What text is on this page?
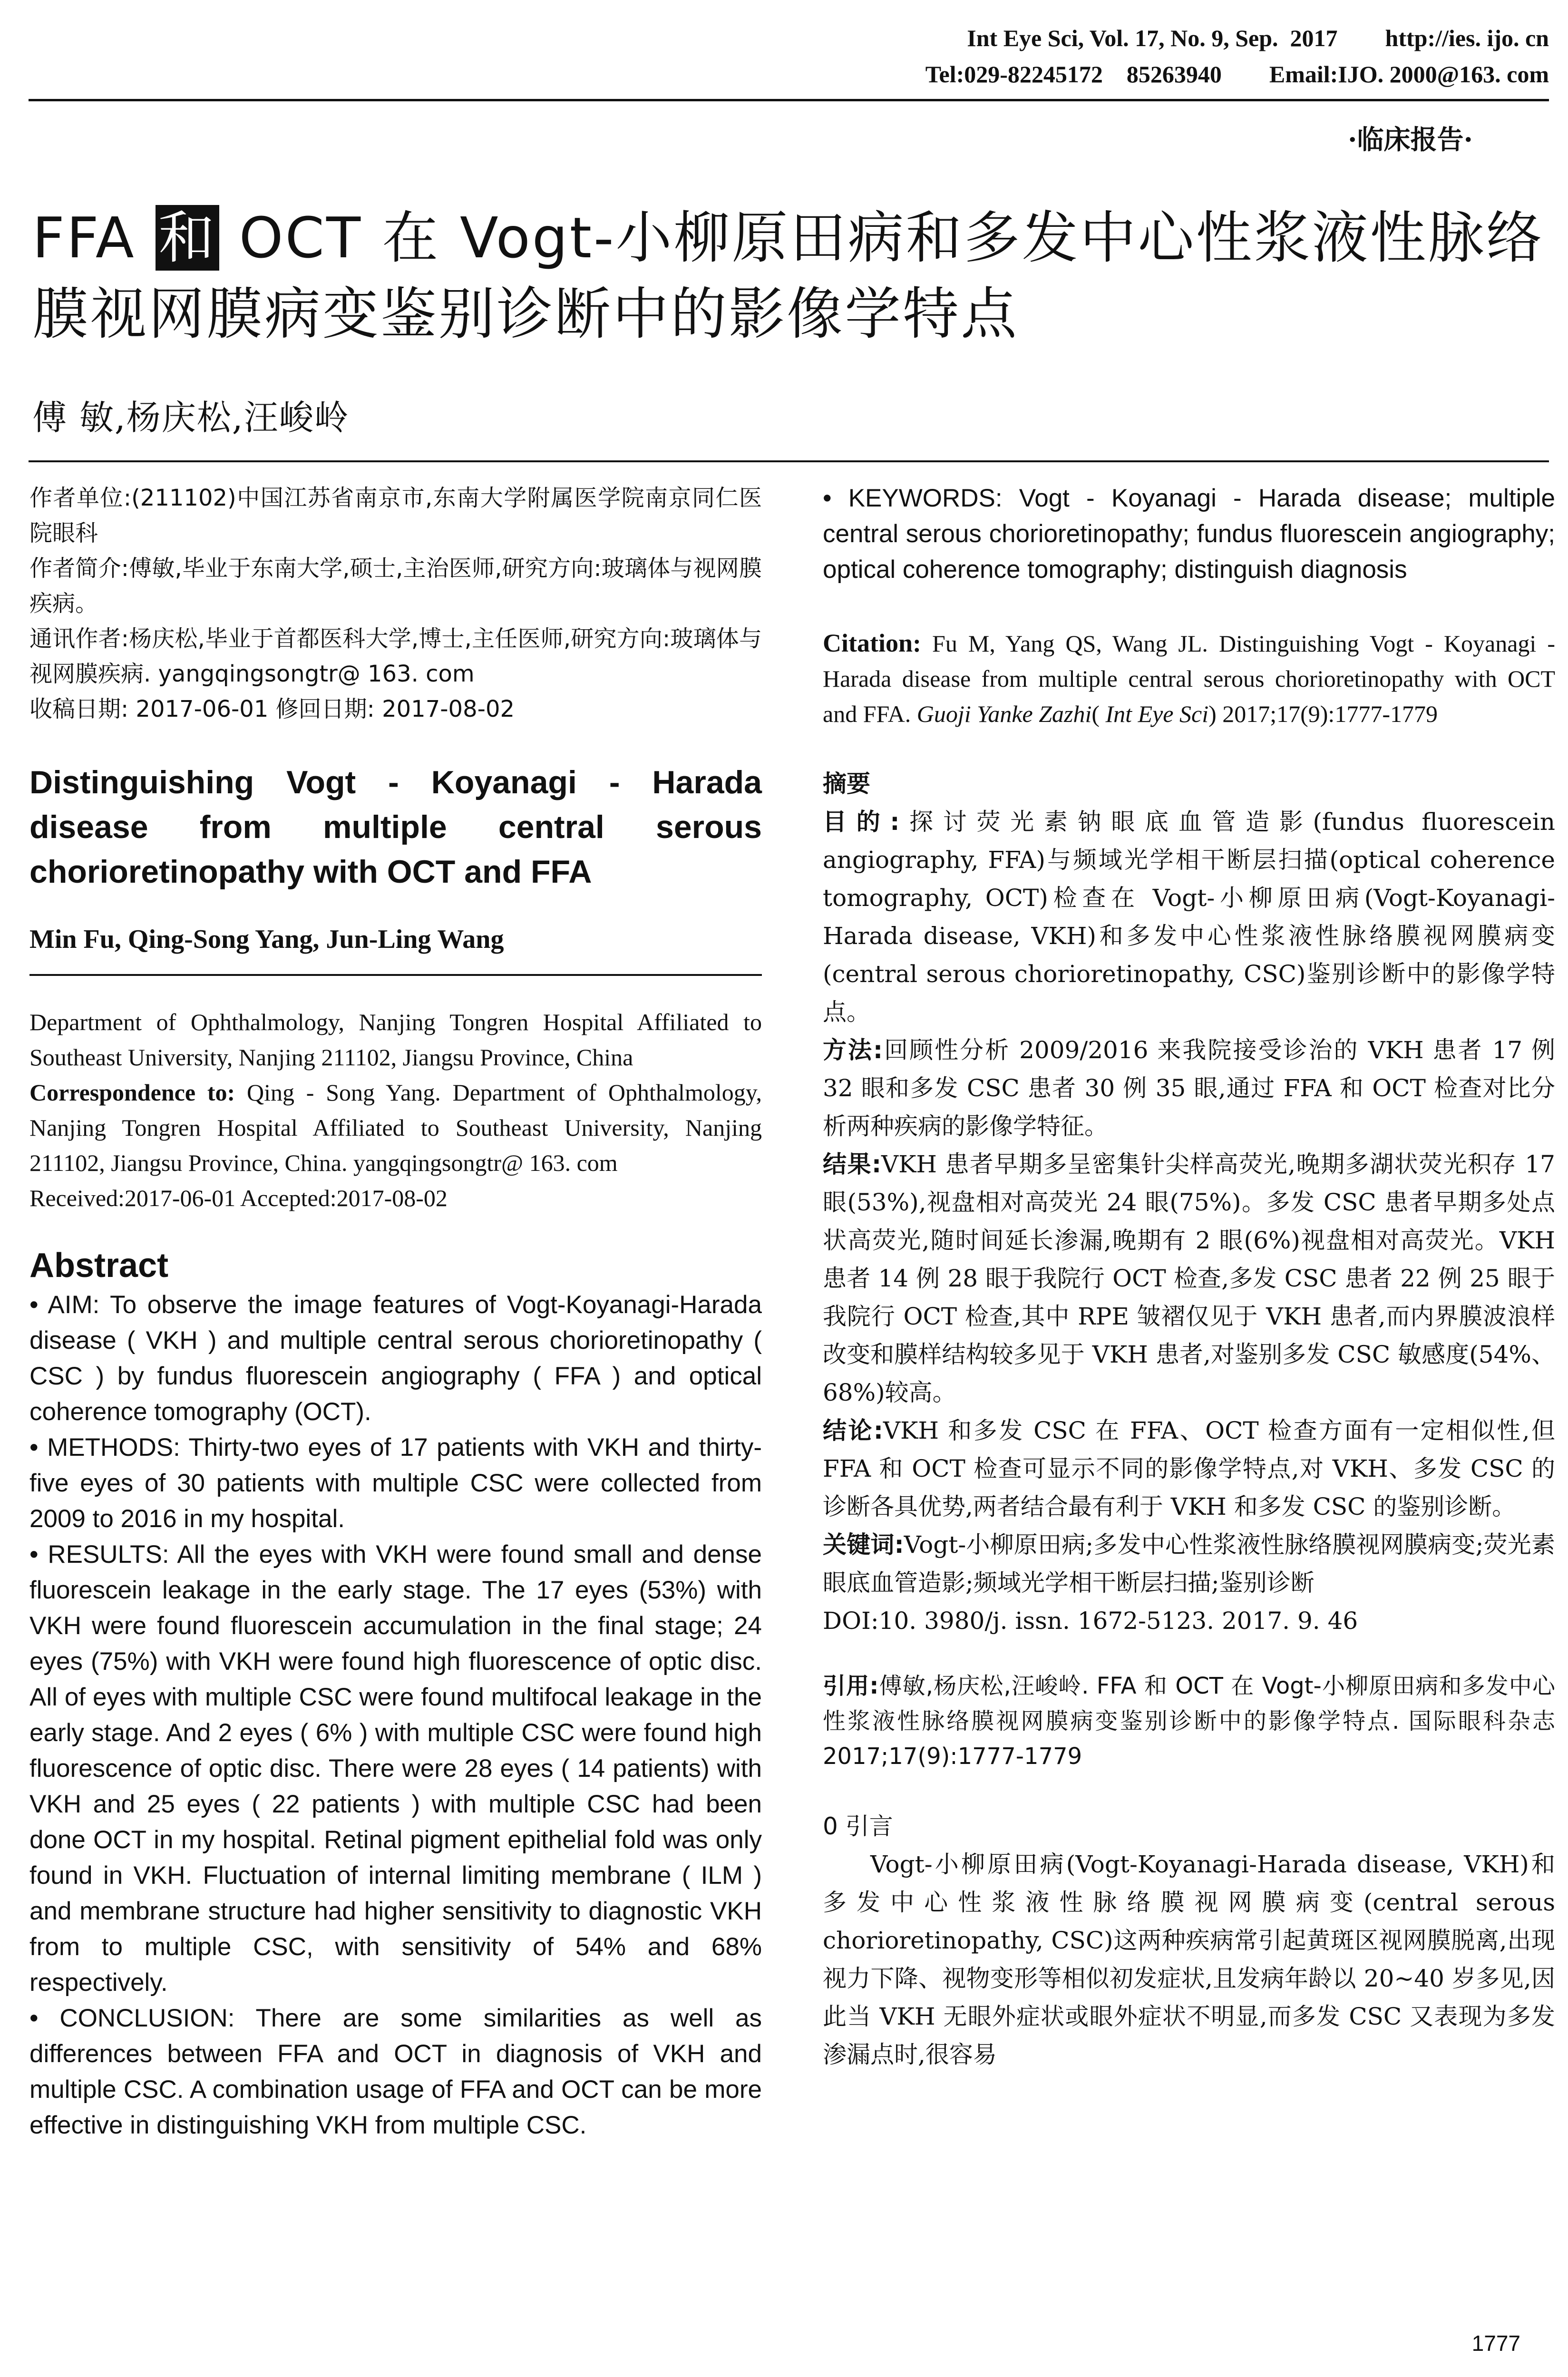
Int Eye Sci, Vol. 17, No. 9, Sep.  2017        http://ies. ijo. cn
Tel:029-82245172    85263940        Email:IJO. 2000@163. com
·临床报告·
FFA 和 OCT 在 Vogt-小柳原田病和多发中心性浆液性脉络膜视网膜病变鉴别诊断中的影像学特点
傅 敏,杨庆松,汪峻岭

作者单位:(211102)中国江苏省南京市,东南大学附属医学院南京同仁医院眼科

作者简介:傅敏,毕业于东南大学,硕士,主治医师,研究方向:玻璃体与视网膜疾病。

通讯作者:杨庆松,毕业于首都医科大学,博士,主任医师,研究方向:玻璃体与视网膜疾病. yangqingsongtr@ 163. com

收稿日期: 2017-06-01 修回日期: 2017-08-02

Distinguishing Vogt - Koyanagi - Harada disease from multiple central serous chorioretinopathy with OCT and FFA

Min Fu, Qing-Song Yang, Jun-Ling Wang

Department of Ophthalmology, Nanjing Tongren Hospital Affiliated to Southeast University, Nanjing 211102, Jiangsu Province, China

Correspondence to: Qing - Song Yang. Department of Ophthalmology, Nanjing Tongren Hospital Affiliated to Southeast University, Nanjing 211102, Jiangsu Province, China. yangqingsongtr@ 163. com

Received:2017-06-01 Accepted:2017-08-02

Abstract

• AIM: To observe the image features of Vogt-Koyanagi-Harada disease ( VKH ) and multiple central serous chorioretinopathy ( CSC ) by fundus fluorescein angiography ( FFA ) and optical coherence tomography (OCT).

• METHODS: Thirty-two eyes of 17 patients with VKH and thirty- five eyes of 30 patients with multiple CSC were collected from 2009 to 2016 in my hospital.

• RESULTS: All the eyes with VKH were found small and dense fluorescein leakage in the early stage. The 17 eyes (53%) with VKH were found fluorescein accumulation in the final stage; 24 eyes (75%) with VKH were found high fluorescence of optic disc. All of eyes with multiple CSC were found multifocal leakage in the early stage. And 2 eyes ( 6% ) with multiple CSC were found high fluorescence of optic disc. There were 28 eyes ( 14 patients) with VKH and 25 eyes ( 22 patients ) with multiple CSC had been done OCT in my hospital. Retinal pigment epithelial fold was only found in VKH. Fluctuation of internal limiting membrane ( ILM ) and membrane structure had higher sensitivity to diagnostic VKH from to multiple CSC, with sensitivity of 54% and 68% respectively.

• CONCLUSION: There are some similarities as well as differences between FFA and OCT in diagnosis of VKH and multiple CSC. A combination usage of FFA and OCT can be more effective in distinguishing VKH from multiple CSC.

• KEYWORDS: Vogt - Koyanagi - Harada disease; multiple central serous chorioretinopathy; fundus fluorescein angiography; optical coherence tomography; distinguish diagnosis

Citation: Fu M, Yang QS, Wang JL. Distinguishing Vogt - Koyanagi - Harada disease from multiple central serous chorioretinopathy with OCT and FFA. Guoji Yanke Zazhi( Int Eye Sci) 2017;17(9):1777-1779

摘要

目的:探讨荧光素钠眼底血管造影(fundus fluorescein angiography, FFA)与频域光学相干断层扫描(optical coherence tomography, OCT)检查在 Vogt-小柳原田病(Vogt-Koyanagi-Harada disease, VKH)和多发中心性浆液性脉络膜视网膜病变(central serous chorioretinopathy, CSC)鉴别诊断中的影像学特点。

方法:回顾性分析 2009/2016 来我院接受诊治的 VKH 患者 17 例 32 眼和多发 CSC 患者 30 例 35 眼,通过 FFA 和 OCT 检查对比分析两种疾病的影像学特征。

结果:VKH 患者早期多呈密集针尖样高荧光,晚期多湖状荧光积存 17 眼(53%),视盘相对高荧光 24 眼(75%)。多发 CSC 患者早期多处点状高荧光,随时间延长渗漏,晚期有 2 眼(6%)视盘相对高荧光。VKH 患者 14 例 28 眼于我院行 OCT 检查,多发 CSC 患者 22 例 25 眼于我院行 OCT 检查,其中 RPE 皱褶仅见于 VKH 患者,而内界膜波浪样改变和膜样结构较多见于 VKH 患者,对鉴别多发 CSC 敏感度(54%、68%)较高。

结论:VKH 和多发 CSC 在 FFA、OCT 检查方面有一定相似性,但 FFA 和 OCT 检查可显示不同的影像学特点,对 VKH、多发 CSC 的诊断各具优势,两者结合最有利于 VKH 和多发 CSC 的鉴别诊断。

关键词:Vogt-小柳原田病;多发中心性浆液性脉络膜视网膜病变;荧光素眼底血管造影;频域光学相干断层扫描;鉴别诊断

DOI:10. 3980/j. issn. 1672-5123. 2017. 9. 46

引用:傅敏,杨庆松,汪峻岭. FFA 和 OCT 在 Vogt-小柳原田病和多发中心性浆液性脉络膜视网膜病变鉴别诊断中的影像学特点. 国际眼科杂志 2017;17(9):1777-1779

0 引言

Vogt-小柳原田病(Vogt-Koyanagi-Harada disease, VKH)和多发中心性浆液性脉络膜视网膜病变(central serous chorioretinopathy, CSC)这两种疾病常引起黄斑区视网膜脱离,出现视力下降、视物变形等相似初发症状,且发病年龄以 20~40 岁多见,因此当 VKH 无眼外症状或眼外症状不明显,而多发 CSC 又表现为多发渗漏点时,很容易

1777
